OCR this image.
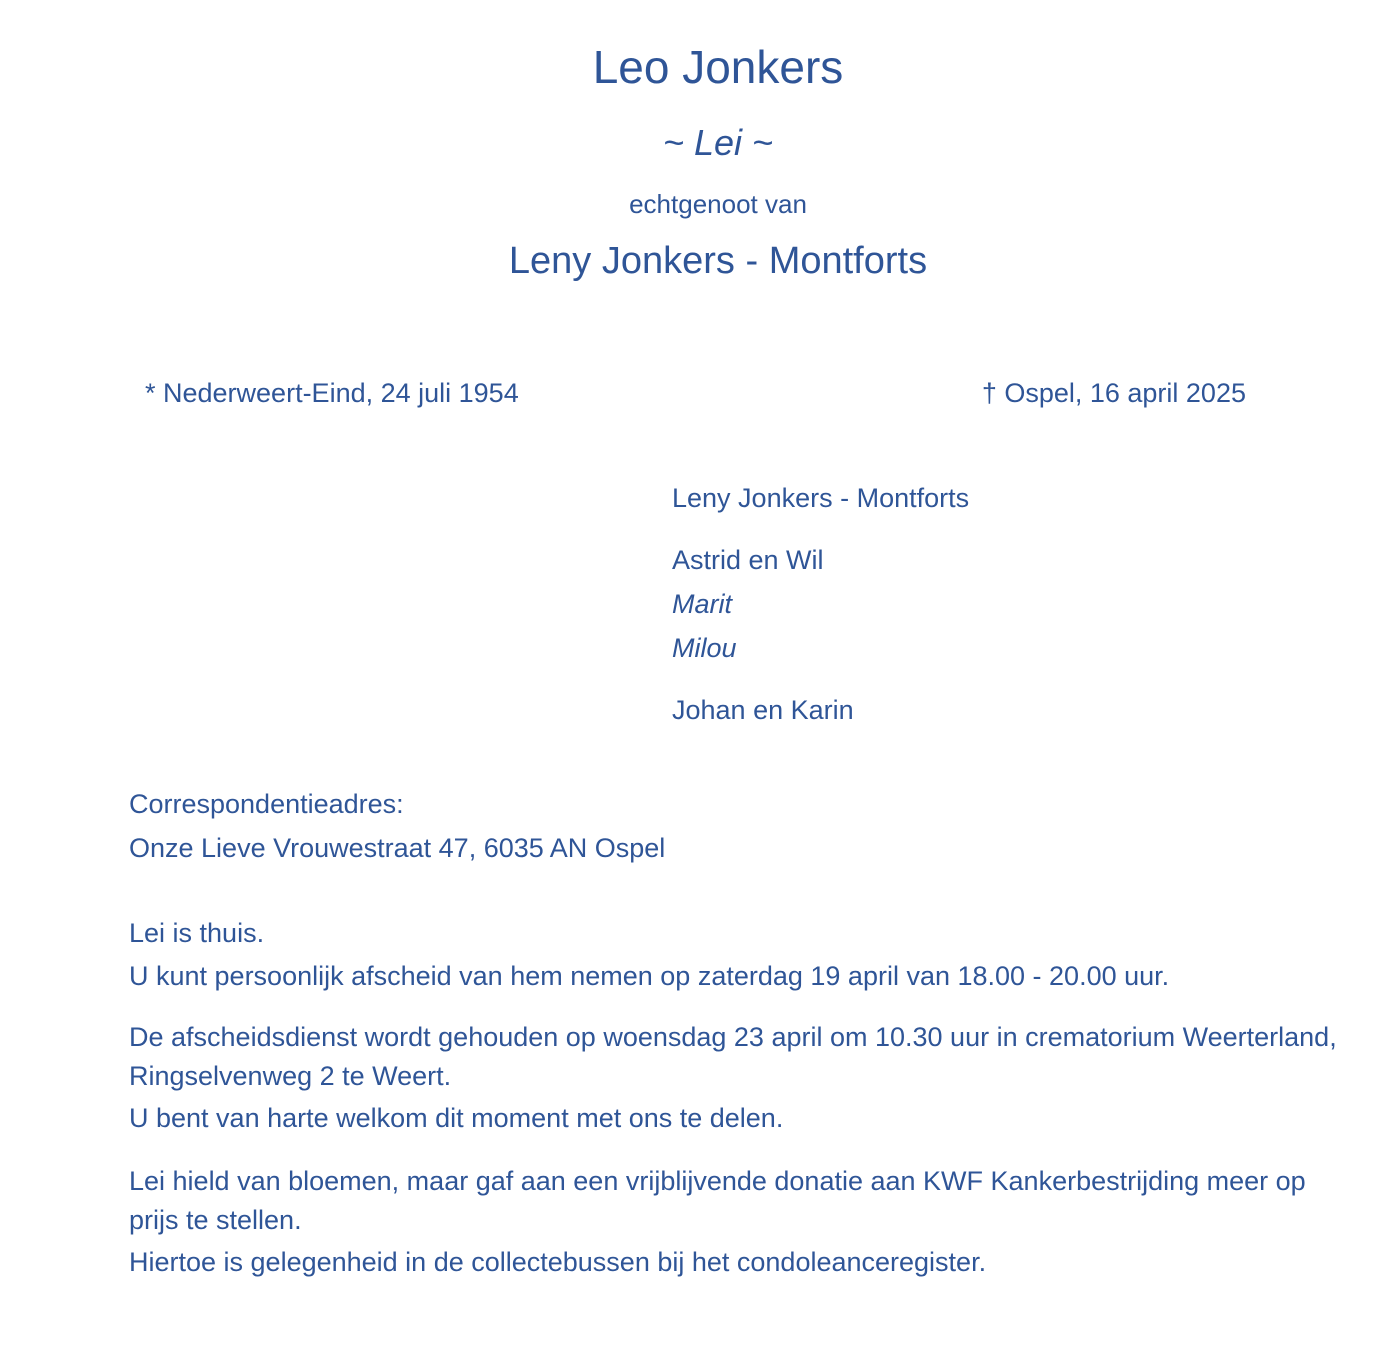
Leo Jonkers
~ Lei ~
echtgenoot van
Leny Jonkers - Montforts
* Nederweert-Eind, 24 juli 1954	† Ospel, 16 april 2025
Leny Jonkers - Montforts
Astrid en Wil
Marit
Milou
Johan en Karin
Correspondentieadres:
Onze Lieve Vrouwestraat 47, 6035 AN Ospel
Lei is thuis.
U kunt persoonlijk afscheid van hem nemen op zaterdag 19 april van 18.00 - 20.00 uur.
De afscheidsdienst wordt gehouden op woensdag 23 april om 10.30 uur in crematorium Weerterland, Ringselvenweg 2 te Weert.
U bent van harte welkom dit moment met ons te delen.
Lei hield van bloemen, maar gaf aan een vrijblijvende donatie aan KWF Kankerbestrijding meer op prijs te stellen.
Hiertoe is gelegenheid in de collectebussen bij het condoleanceregister.
